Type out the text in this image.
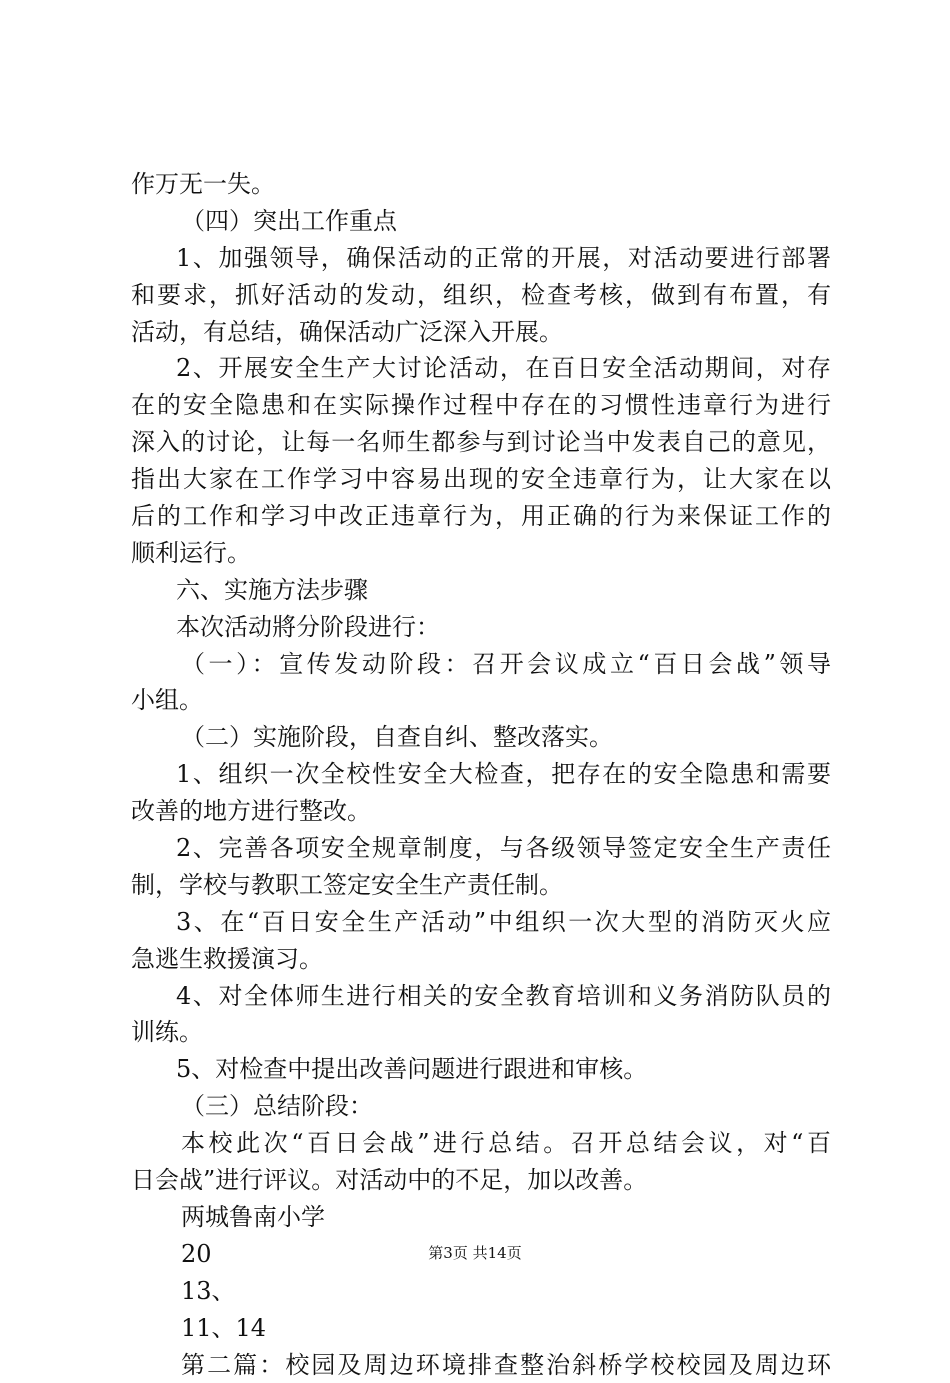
作万无一失。
（四）突出工作重点
1、加强领导，确保活动的正常的开展，对活动要进行部署
和要求，抓好活动的发动，组织，检查考核，做到有布置，有
活动，有总结，确保活动广泛深入开展。
2、开展安全生产大讨论活动，在百日安全活动期间，对存
在的安全隐患和在实际操作过程中存在的习惯性违章行为进行
深入的讨论，让每一名师生都参与到讨论当中发表自己的意见，
指出大家在工作学习中容易出现的安全违章行为，让大家在以
后的工作和学习中改正违章行为，用正确的行为来保证工作的
顺利运行。
六、实施方法步骤
本次活动將分阶段进行：
（一）：宣传发动阶段：召开会议成立“百日会战”领导
小组。
（二）实施阶段，自查自纠、整改落实。
1、组织一次全校性安全大检查，把存在的安全隐患和需要
改善的地方进行整改。
2、完善各项安全规章制度，与各级领导签定安全生产责任
制，学校与教职工签定安全生产责任制。
3、在“百日安全生产活动”中组织一次大型的消防灭火应
急逃生救援演习。
4、对全体师生进行相关的安全教育培训和义务消防队员的
训练。
5、对检查中提出改善问题进行跟进和审核。
（三）总结阶段：
本校此次“百日会战”进行总结。召开总结会议，对“百
日会战”进行评议。对活动中的不足，加以改善。
两城鲁南小学
20
13、
11、14
第二篇：校园及周边环境排查整治斜桥学校校园及周边环
第3页 共14页
